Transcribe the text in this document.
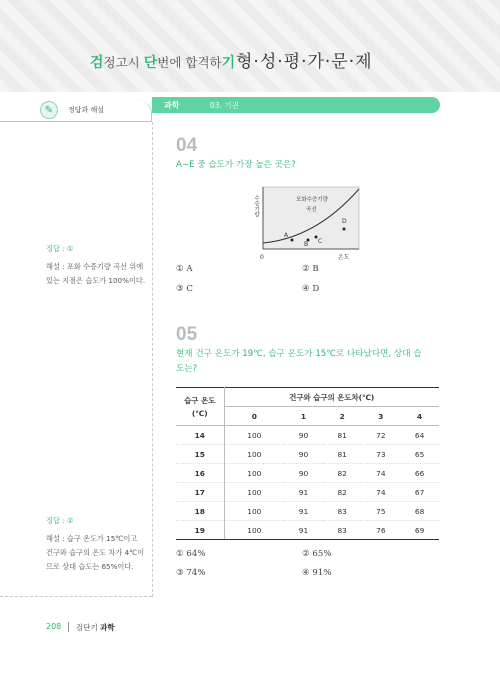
검정고시 단번에 합격하기 형·성·평·가·문·제
✎	정답과 해설
정답 : ①
해설 : 포화 수증기량 곡선 위에 있는 지점은 습도가 100%이다.
정답 : ②
해설 : 습구 온도가 15℃이고 건구와 습구의 온도 차가 4℃이므로 상대 습도는 65%이다.
과학	03. 기권
04
A∼E 중 습도가 가장 높은 곳은?
수증기량
온도
0
포화수증기량
곡선
A
B C
D
① A	② B
③ C	④ D
05
현재 건구 온도가 19℃, 습구 온도가 15℃로 나타났다면, 상대 습
도는?
습구 온도
(℃)	건구와 습구의 온도차(℃)				
	0	1	2	3	4
14	100	90	81	72	64
15	100	90	81	73	65
16	100	90	82	74	66
17	100	91	82	74	67
18	100	91	83	75	68
19	100	91	83	76	69
① 64%	② 65%
③ 74%	④ 91%
208 검단기 과학
